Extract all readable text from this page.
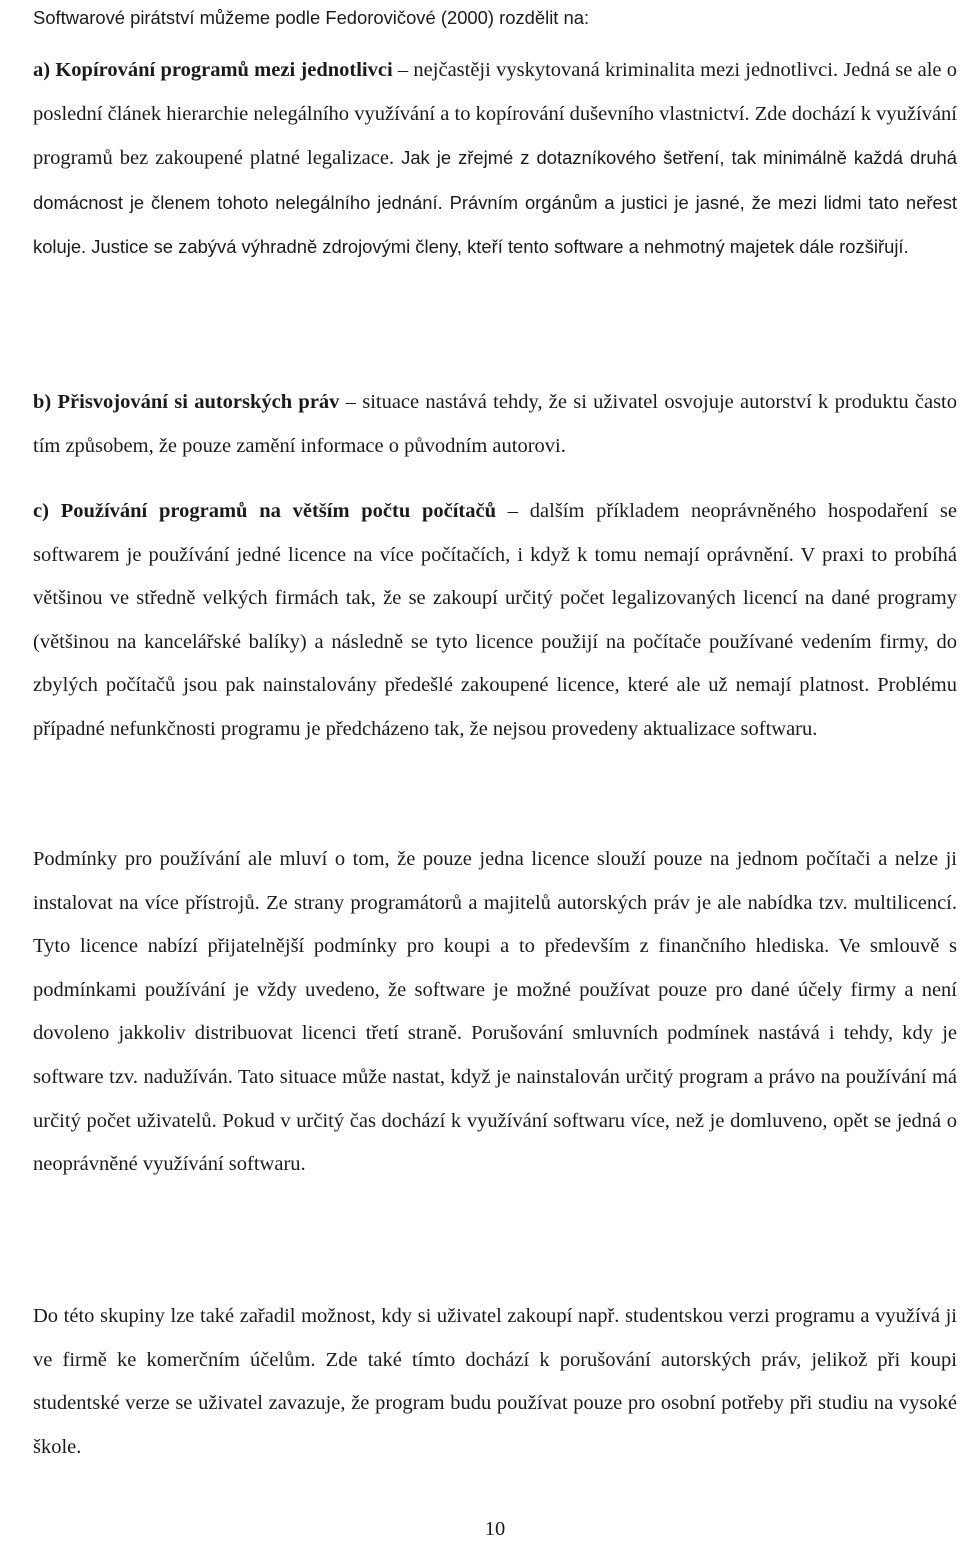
Softwarové pirátství můžeme podle Fedorovičové (2000) rozdělit na:

a) Kopírování programů mezi jednotlivci – nejčastěji vyskytovaná kriminalita mezi jednotlivci. Jedná se ale o poslední článek hierarchie nelegálního využívání a to kopírování duševního vlastnictví. Zde dochází k využívání programů bez zakoupené platné legalizace. Jak je zřejmé z dotazníkového šetření, tak minimálně každá druhá domácnost je členem tohoto nelegálního jednání. Právním orgánům a justici je jasné, že mezi lidmi tato neřest koluje. Justice se zabývá výhradně zdrojovými členy, kteří tento software a nehmotný majetek dále rozšiřují.

b) Přisvojování si autorských práv – situace nastává tehdy, že si uživatel osvojuje autorství k produktu často tím způsobem, že pouze zamění informace o původním autorovi.

c) Používání programů na větším počtu počítačů – dalším příkladem neoprávněného hospodaření se softwarem je používání jedné licence na více počítačích, i když k tomu nemají oprávnění. V praxi to probíhá většinou ve středně velkých firmách tak, že se zakoupí určitý počet legalizovaných licencí na dané programy (většinou na kancelářské balíky) a následně se tyto licence použijí na počítače používané vedením firmy, do zbylých počítačů jsou pak nainstalovány předešlé zakoupené licence, které ale už nemají platnost. Problému případné nefunkčnosti programu je předcházeno tak, že nejsou provedeny aktualizace softwaru.

Podmínky pro používání ale mluví o tom, že pouze jedna licence slouží pouze na jednom počítači a nelze ji instalovat na více přístrojů. Ze strany programátorů a majitelů autorských práv je ale nabídka tzv. multilicencí. Tyto licence nabízí přijatelnější podmínky pro koupi a to především z finančního hlediska. Ve smlouvě s podmínkami používání je vždy uvedeno, že software je možné používat pouze pro dané účely firmy a není dovoleno jakkoliv distribuovat licenci třetí straně. Porušování smluvních podmínek nastává i tehdy, kdy je software tzv. nadužíván. Tato situace může nastat, když je nainstalován určitý program a právo na používání má určitý počet uživatelů. Pokud v určitý čas dochází k využívání softwaru více, než je domluveno, opět se jedná o neoprávněné využívání softwaru.

Do této skupiny lze také zařadil možnost, kdy si uživatel zakoupí např. studentskou verzi programu a využívá ji ve firmě ke komerčním účelům. Zde také tímto dochází k porušování autorských práv, jelikož při koupi studentské verze se uživatel zavazuje, že program budu používat pouze pro osobní potřeby při studiu na vysoké škole.

10
